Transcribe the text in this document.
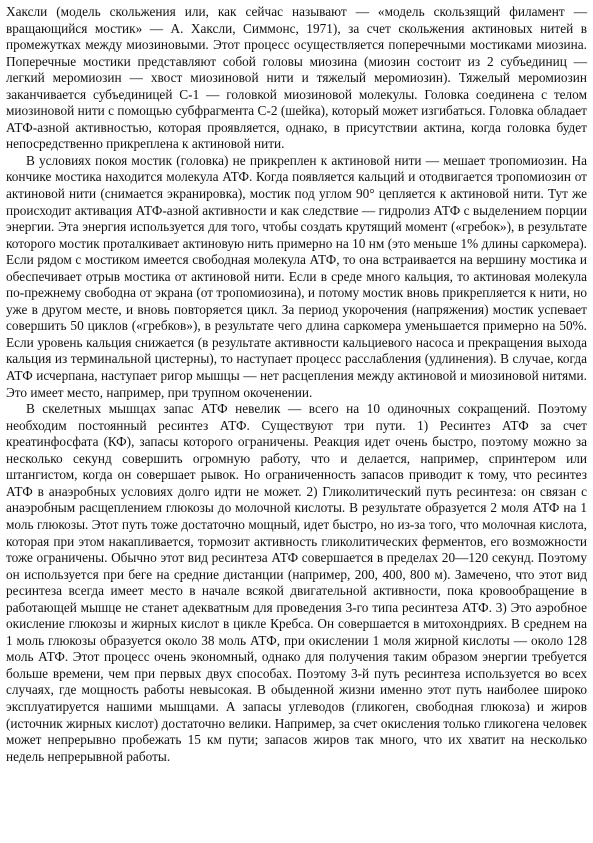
Хаксли (модель скольжения или, как сейчас называют — «модель скользящий филамент — вращающийся мостик» — А. Хаксли, Симмонс, 1971), за счет скольжения актиновых нитей в промежутках между миозиновыми. Этот процесс осуществляется поперечными мостиками миозина. Поперечные мостики представляют собой головы миозина (миозин состоит из 2 субъединиц — легкий меромиозин — хвост миозиновой нити и тяжелый меромиозин). Тяжелый меромиозин заканчивается субъединицей С-1 — головкой миозиновой молекулы. Головка соединена с телом миозиновой нити с помощью субфрагмента С-2 (шейка), который может изгибаться. Головка обладает АТФ-азной активностью, которая проявляется, однако, в присутствии актина, когда головка будет непосредственно прикреплена к актиновой нити.

В условиях покоя мостик (головка) не прикреплен к актиновой нити — мешает тропомиозин. На кончике мостика находится молекула АТФ. Когда появляется кальций и отодвигается тропомиозин от актиновой нити (снимается экранировка), мостик под углом 90° цепляется к актиновой нити. Тут же происходит активация АТФ-азной активности и как следствие — гидролиз АТФ с выделением порции энергии. Эта энергия используется для того, чтобы создать крутящий момент («гребок»), в результате которого мостик проталкивает актиновую нить примерно на 10 нм (это меньше 1% длины саркомера). Если рядом с мостиком имеется свободная молекула АТФ, то она встраивается на вершину мостика и обеспечивает отрыв мостика от актиновой нити. Если в среде много кальция, то актиновая молекула по-прежнему свободна от экрана (от тропомиозина), и потому мостик вновь прикрепляется к нити, но уже в другом месте, и вновь повторяется цикл. За период укорочения (напряжения) мостик успевает совершить 50 циклов («гребков»), в результате чего длина саркомера уменьшается примерно на 50%. Если уровень кальция снижается (в результате активности кальциевого насоса и прекращения выхода кальция из терминальной цистерны), то наступает процесс расслабления (удлинения). В случае, когда АТФ исчерпана, наступает ригор мышцы — нет расцепления между актиновой и миозиновой нитями. Это имеет место, например, при трупном окоченении.

В скелетных мышцах запас АТФ невелик — всего на 10 одиночных сокращений. Поэтому необходим постоянный ресинтез АТФ. Существуют три пути. 1) Ресинтез АТФ за счет креатинфосфата (КФ), запасы которого ограничены. Реакция идет очень быстро, поэтому можно за несколько секунд совершить огромную работу, что и делается, например, спринтером или штангистом, когда он совершает рывок. Но ограниченность запасов приводит к тому, что ресинтез АТФ в анаэробных условиях долго идти не может. 2) Гликолитический путь ресинтеза: он связан с анаэробным расщеплением глюкозы до молочной кислоты. В результате образуется 2 моля АТФ на 1 моль глюкозы. Этот путь тоже достаточно мощный, идет быстро, но из-за того, что молочная кислота, которая при этом накапливается, тормозит активность гликолитических ферментов, его возможности тоже ограничены. Обычно этот вид ресинтеза АТФ совершается в пределах 20—120 секунд. Поэтому он используется при беге на средние дистанции (например, 200, 400, 800 м). Замечено, что этот вид ресинтеза всегда имеет место в начале всякой двигательной активности, пока кровообращение в работающей мышце не станет адекватным для проведения 3-го типа ресинтеза АТФ. 3) Это аэробное окисление глюкозы и жирных кислот в цикле Кребса. Он совершается в митохондриях. В среднем на 1 моль глюкозы образуется около 38 моль АТФ, при окислении 1 моля жирной кислоты — около 128 моль АТФ. Этот процесс очень экономный, однако для получения таким образом энергии требуется больше времени, чем при первых двух способах. Поэтому 3-й путь ресинтеза используется во всех случаях, где мощность работы невысокая. В обыденной жизни именно этот путь наиболее широко эксплуатируется нашими мышцами. А запасы углеводов (гликоген, свободная глюкоза) и жиров (источник жирных кислот) достаточно велики. Например, за счет окисления только гликогена человек может непрерывно пробежать 15 км пути; запасов жиров так много, что их хватит на несколько недель непрерывной работы.
